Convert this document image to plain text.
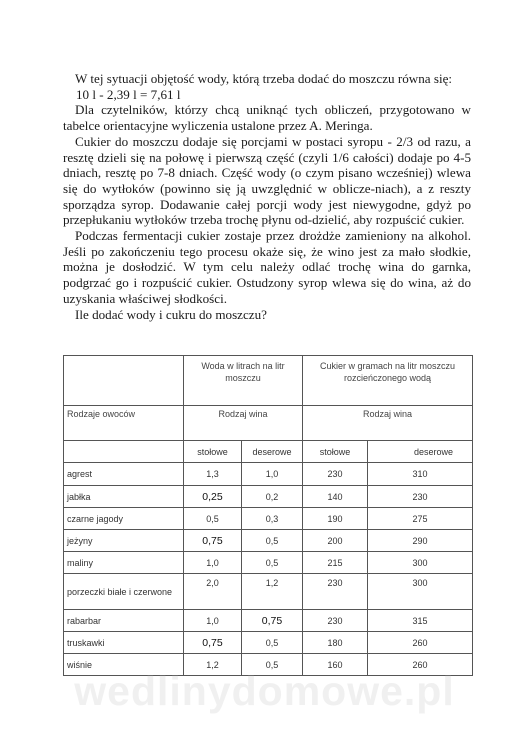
W tej sytuacji objętość wody, którą trzeba dodać do moszczu równa się:

10 l - 2,39 l = 7,61 l

Dla czytelników, którzy chcą uniknąć tych obliczeń, przygotowano w tabelce orientacyjne wyliczenia ustalone przez A. Meringa.

Cukier do moszczu dodaje się porcjami w postaci syropu - 2/3 od razu, a resztę dzieli się na połowę i pierwszą część (czyli 1/6 całości) dodaje po 4-5 dniach, resztę po 7-8 dniach. Część wody (o czym pisano wcześniej) wlewa się do wytłoków (powinno się ją uwzględnić w oblicze-niach), a z reszty sporządza syrop. Dodawanie całej porcji wody jest niewygodne, gdyż po przepłukaniu wytłoków trzeba trochę płynu od-dzielić, aby rozpuścić cukier.

Podczas fermentacji cukier zostaje przez drożdże zamieniony na alkohol. Jeśli po zakończeniu tego procesu okaże się, że wino jest za mało słodkie, można je dosłodzić. W tym celu należy odlać trochę wina do garnka, podgrzać go i rozpuścić cukier. Ostudzony syrop wlewa się do wina, aż do uzyskania właściwej słodkości.

Ile dodać wody i cukru do moszczu?

	Woda w litrach na litr moszczu		Cukier w gramach na litr moszczu rozcieńczonego wodą	
Rodzaje owoców	Rodzaj wina		Rodzaj wina	
	stołowe	deserowe	stołowe	deserowe
agrest	1,3	1,0	230	310
jabłka	0,25	0,2	140	230
czarne jagody	0,5	0,3	190	275
jeżyny	0,75	0,5	200	290
maliny	1,0	0,5	215	300
porzeczki białe i czerwone	2,0	1,2	230	300
rabarbar	1,0	0,75	230	315
truskawki	0,75	0,5	180	260
wiśnie	1,2	0,5	160	260
wedlinydomowe.pl
